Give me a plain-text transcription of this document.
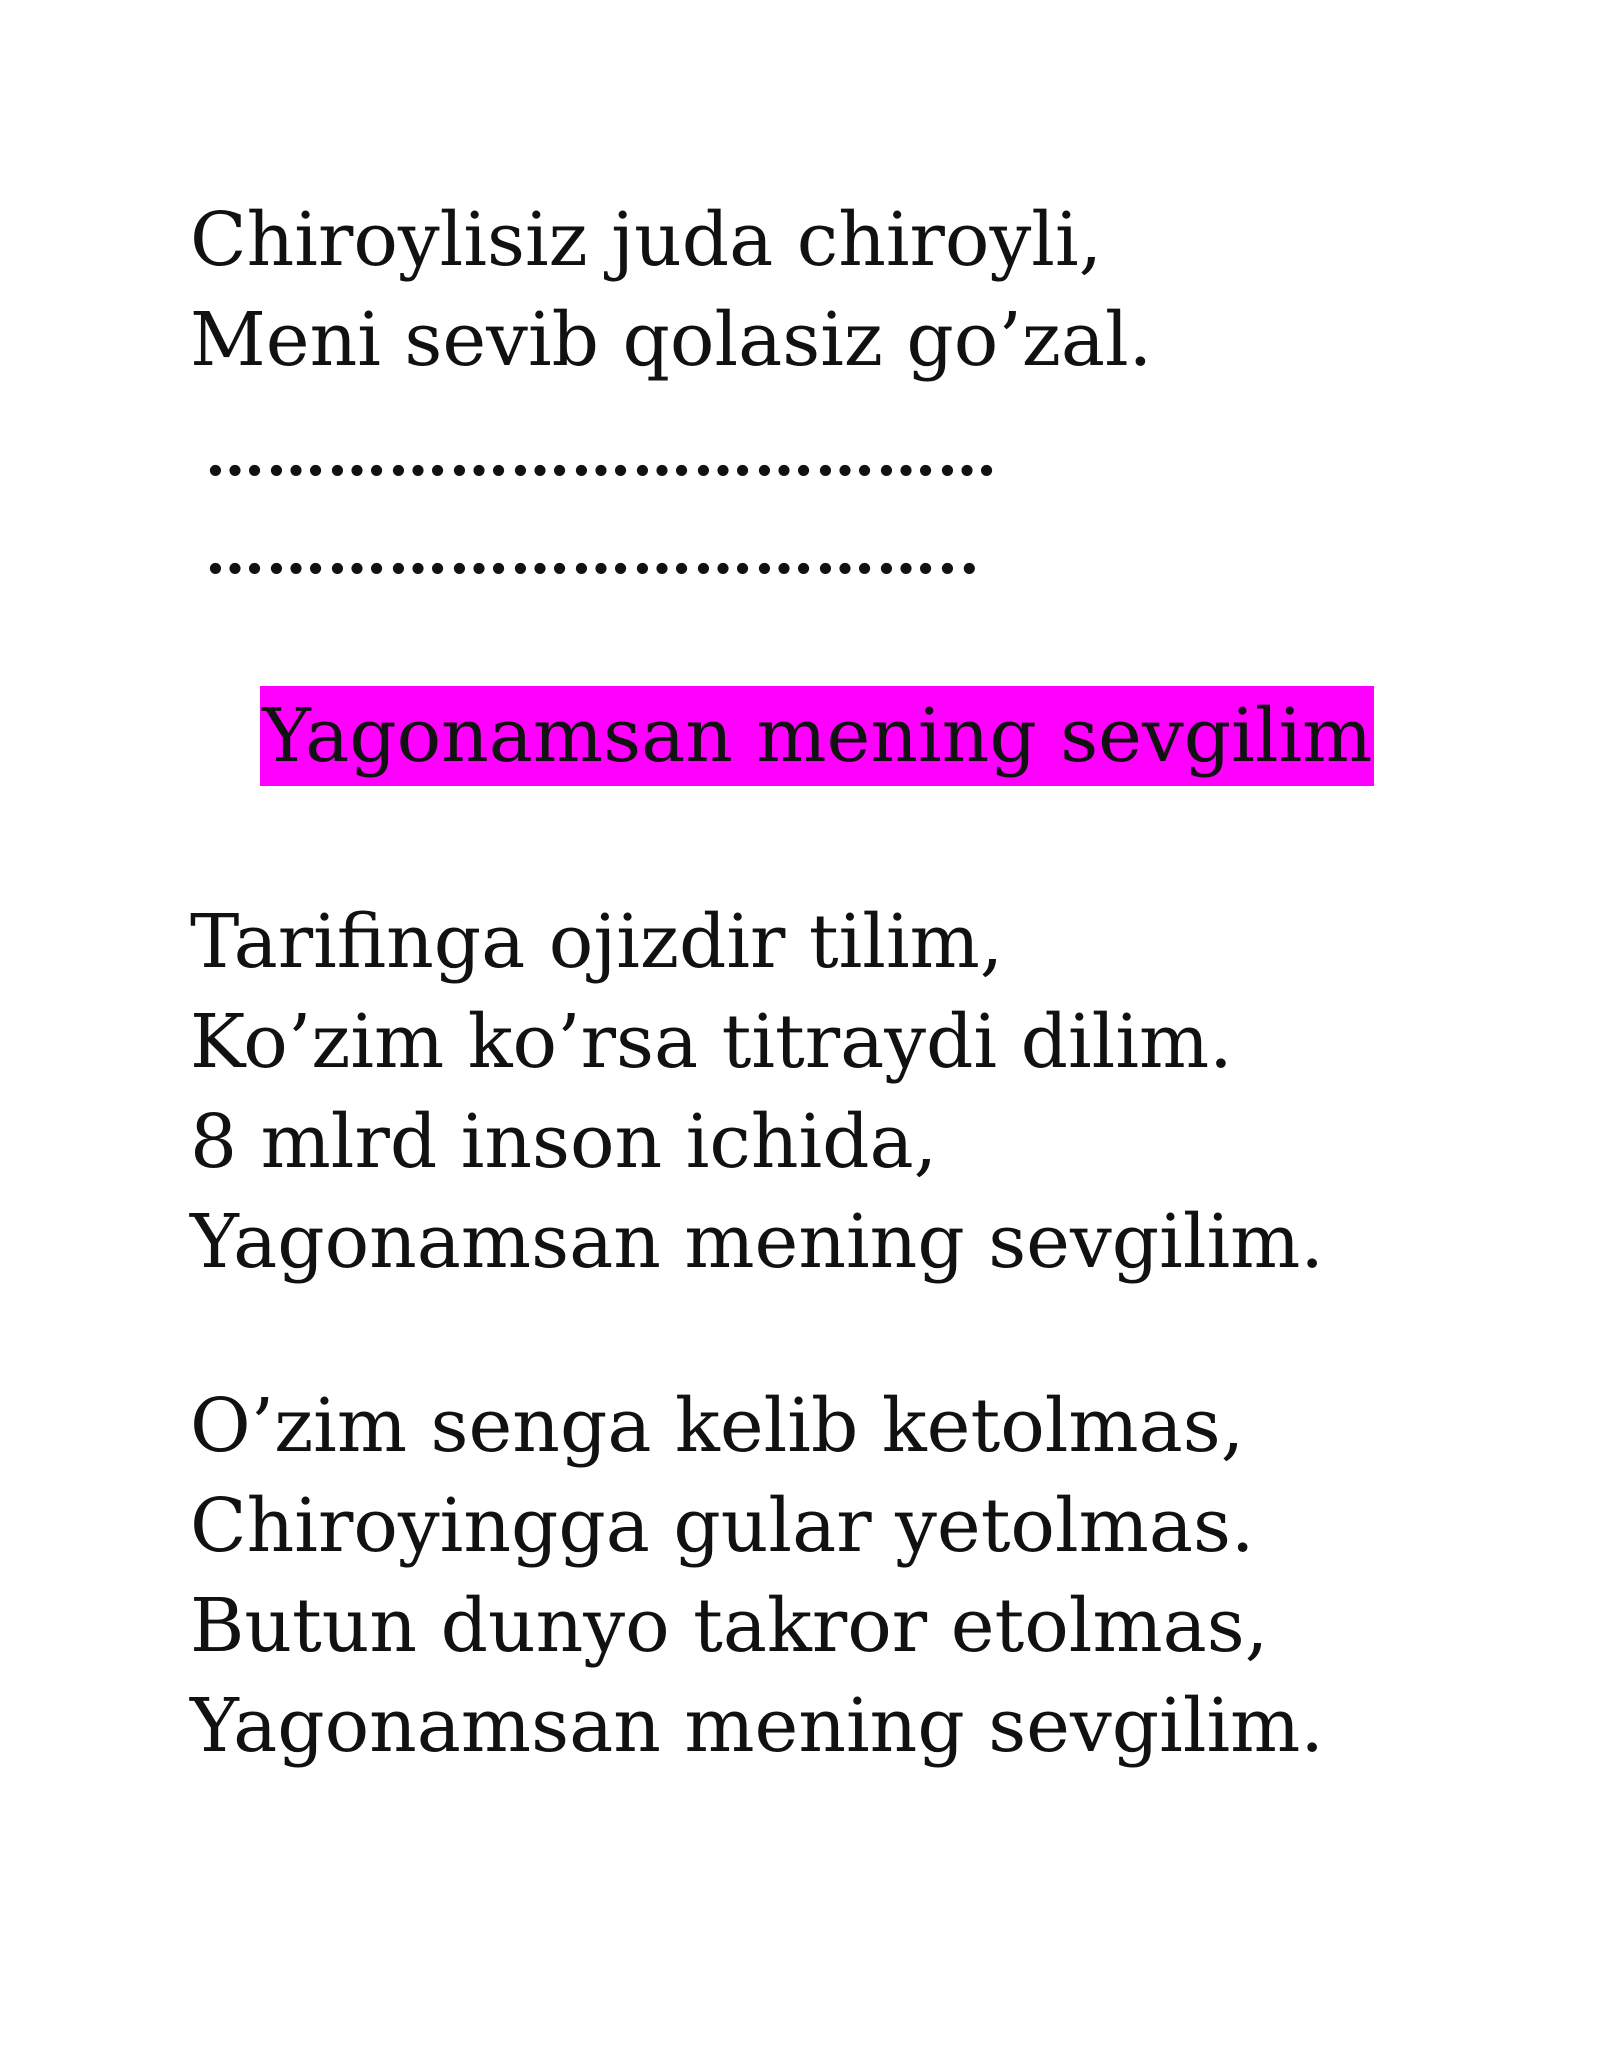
Chiroylisiz juda chiroyli,

Meni sevib qolasiz go’zal.

…………………………………
………………………………..
Yagonamsan mening sevgilim

Tarifinga ojizdir tilim,

Ko’zim ko’rsa titraydi dilim.

8 mlrd inson ichida,

Yagonamsan mening sevgilim.

O’zim senga kelib ketolmas,

Chiroyingga gular yetolmas.

Butun dunyo takror etolmas,

Yagonamsan mening sevgilim.
